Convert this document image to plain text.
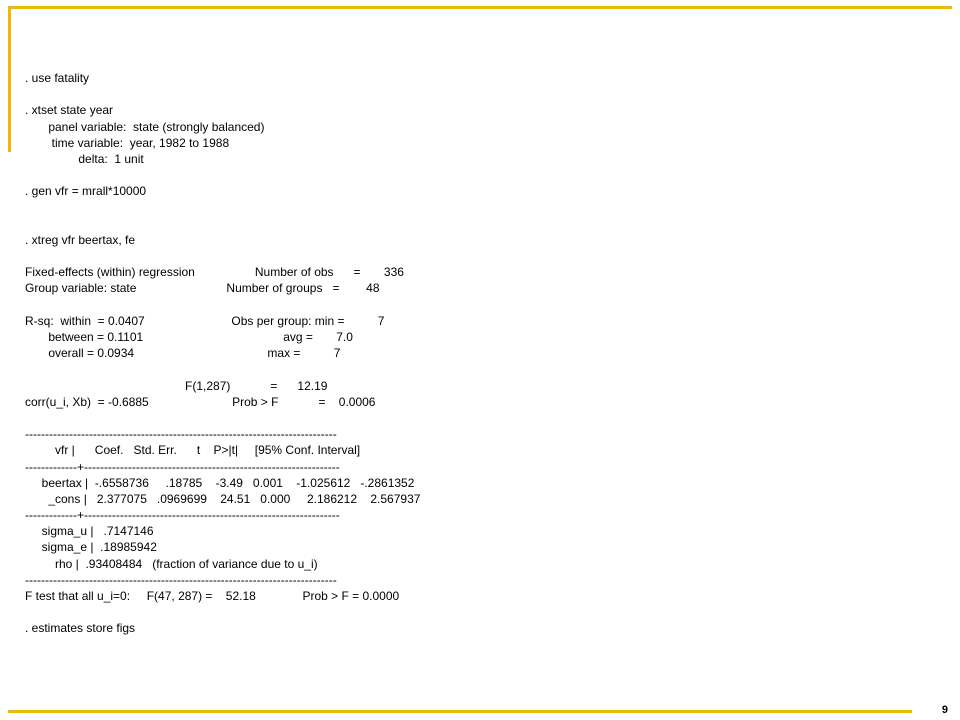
9
. use fatality
. xtset state year
panel variable:  state (strongly balanced)
time variable:  year, 1982 to 1988
delta:  1 unit
. gen vfr = mrall*10000
. xtreg vfr beertax, fe
Fixed-effects (within) regression                  Number of obs      =       336
Group variable: state                           Number of groups   =        48
R-sq:  within  = 0.0407                          Obs per group: min =          7
between = 0.1101                                          avg =       7.0
overall = 0.0934                                        max =          7
F(1,287)            =      12.19
corr(u_i, Xb)  = -0.6885                         Prob > F            =    0.0006
------------------------------------------------------------------------------
vfr |      Coef.   Std. Err.      t    P>|t|     [95% Conf. Interval]
-------------+----------------------------------------------------------------
beertax |  -.6558736     .18785    -3.49   0.001    -1.025612   -.2861352
_cons |   2.377075   .0969699    24.51   0.000     2.186212    2.567937
-------------+----------------------------------------------------------------
sigma_u |   .7147146
sigma_e |  .18985942
rho |  .93408484   (fraction of variance due to u_i)
------------------------------------------------------------------------------
F test that all u_i=0:     F(47, 287) =    52.18              Prob > F = 0.0000
. estimates store figs
